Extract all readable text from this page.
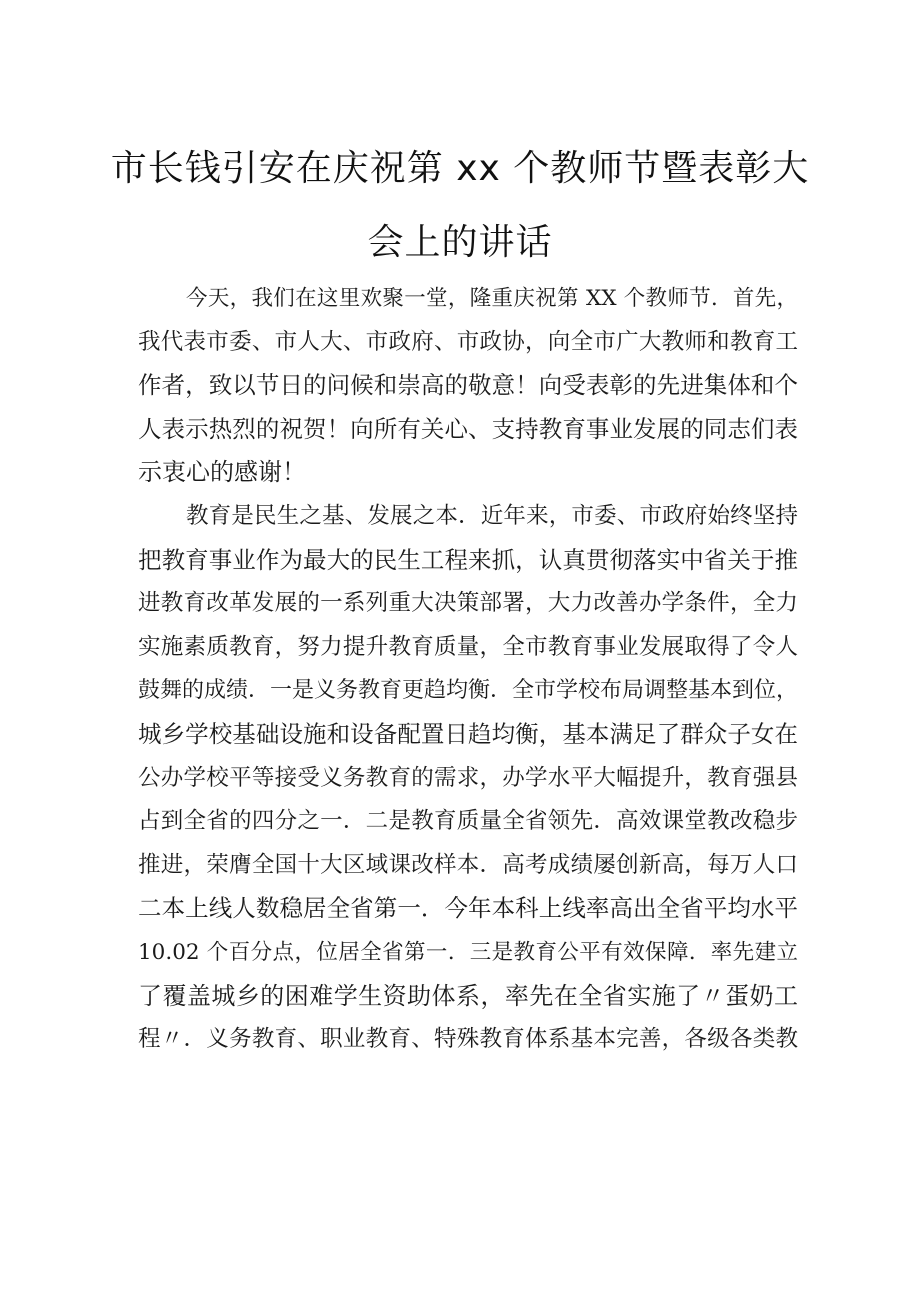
市长钱引安在庆祝第 xx 个教师节暨表彰大
会上的讲话
今天，我们在这里欢聚一堂，隆重庆祝第 XX 个教师节．首先，
我代表市委、市人大、市政府、市政协，向全市广大教师和教育工
作者，致以节日的问候和崇高的敬意！向受表彰的先进集体和个
人表示热烈的祝贺！向所有关心、支持教育事业发展的同志们表
示衷心的感谢！
教育是民生之基、发展之本．近年来，市委、市政府始终坚持
把教育事业作为最大的民生工程来抓，认真贯彻落实中省关于推
进教育改革发展的一系列重大决策部署，大力改善办学条件，全力
实施素质教育，努力提升教育质量，全市教育事业发展取得了令人
鼓舞的成绩．一是义务教育更趋均衡．全市学校布局调整基本到位，
城乡学校基础设施和设备配置日趋均衡，基本满足了群众子女在
公办学校平等接受义务教育的需求，办学水平大幅提升，教育强县
占到全省的四分之一．二是教育质量全省领先．高效课堂教改稳步
推进，荣膺全国十大区域课改样本．高考成绩屡创新高，每万人口
二本上线人数稳居全省第一．今年本科上线率高出全省平均水平
10.02 个百分点，位居全省第一．三是教育公平有效保障．率先建立
了覆盖城乡的困难学生资助体系，率先在全省实施了〃蛋奶工
程〃．义务教育、职业教育、特殊教育体系基本完善，各级各类教
